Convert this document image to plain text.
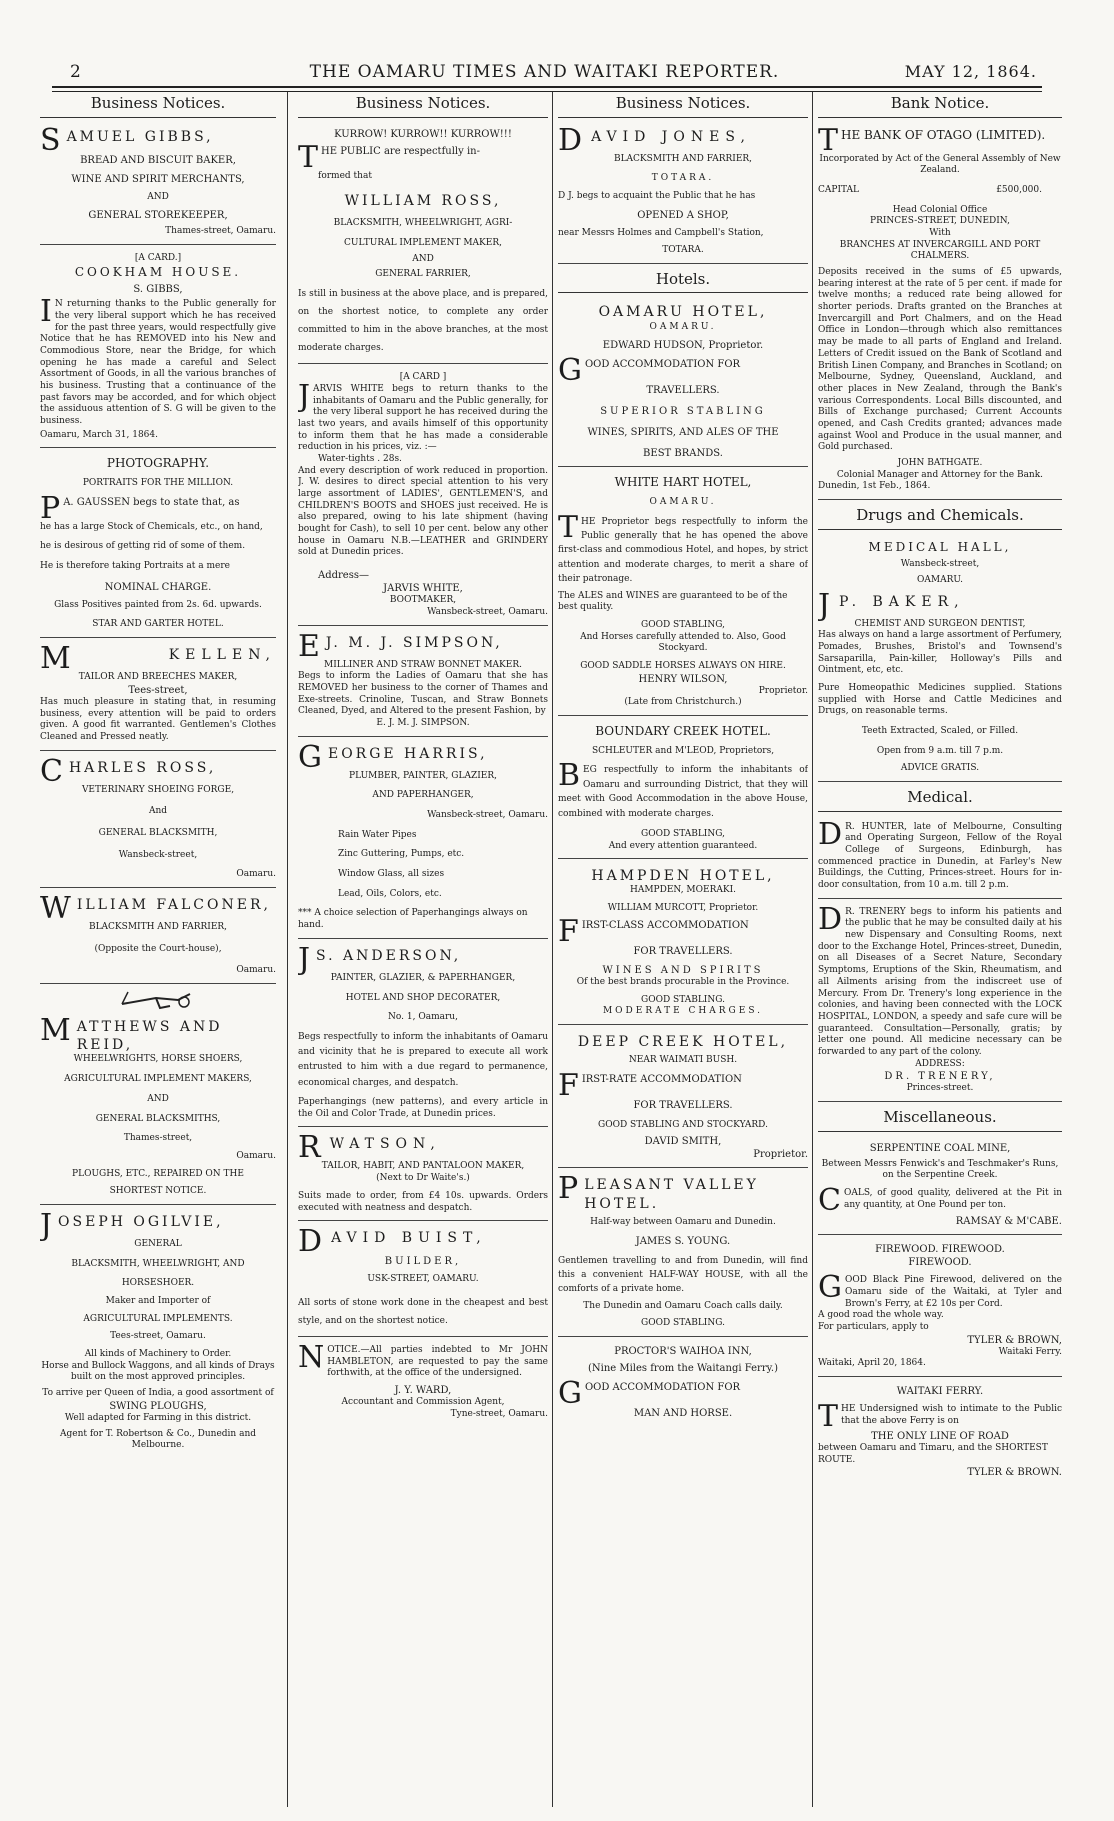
2	THE OAMARU TIMES AND WAITAKI REPORTER.	MAY 12, 1864.
Business Notices.
SAMUEL GIBBS,
BREAD AND BISCUIT BAKER,
WINE AND SPIRIT MERCHANTS,
AND
GENERAL STOREKEEPER,
Thames-street, Oamaru.
[A CARD.]
COOKHAM HOUSE.
S. GIBBS,
I N returning thanks to the Public generally for the very liberal support which he has received for the past three years, would respectfully give Notice that he has REMOVED into his New and Commodious Store, near the Bridge, for which opening he has made a careful and Select Assortment of Goods, in all the various branches of his business. Trusting that a continuance of the past favors may be accorded, and for which object the assiduous attention of S. G will be given to the business.
Oamaru, March 31, 1864.
PHOTOGRAPHY.
PORTRAITS FOR THE MILLION.
P A. GAUSSEN begs to state that, as
he has a large Stock of Chemicals, etc., on hand,
he is desirous of getting rid of some of them.
He is therefore taking Portraits at a mere
NOMINAL CHARGE.
Glass Positives painted from 2s. 6d. upwards.
STAR AND GARTER HOTEL.
M	KELLEN,
TAILOR AND BREECHES MAKER,
Tees-street,
Has much pleasure in stating that, in resuming business, every attention will be paid to orders given. A good fit warranted. Gentlemen's Clothes Cleaned and Pressed neatly.
CHARLES ROSS,
VETERINARY SHOEING FORGE,
And
GENERAL BLACKSMITH,
Wansbeck-street,
Oamaru.
WILLIAM FALCONER,
BLACKSMITH AND FARRIER,
(Opposite the Court-house),
Oamaru.
MATTHEWS AND REID,
WHEELWRIGHTS, HORSE SHOERS,
AGRICULTURAL IMPLEMENT MAKERS,
AND
GENERAL BLACKSMITHS,
Thames-street,
Oamaru.
PLOUGHS, ETC., REPAIRED ON THE
SHORTEST NOTICE.
JOSEPH OGILVIE,
GENERAL
BLACKSMITH, WHEELWRIGHT, AND
HORSESHOER.
Maker and Importer of
AGRICULTURAL IMPLEMENTS.
Tees-street, Oamaru.
All kinds of Machinery to Order.
Horse and Bullock Waggons, and all kinds of Drays built on the most approved principles.
To arrive per Queen of India, a good assortment of
SWING PLOUGHS,
Well adapted for Farming in this district.
Agent for T. Robertson & Co., Dunedin and Melbourne.
Business Notices.
KURROW! KURROW!! KURROW!!!
THE PUBLIC are respectfully in-
formed that
WILLIAM ROSS,
BLACKSMITH, WHEELWRIGHT, AGRI-
CULTURAL IMPLEMENT MAKER,
AND
GENERAL FARRIER,
Is still in business at the above place, and is prepared, on the shortest notice, to complete any order committed to him in the above branches, at the most moderate charges.
[A CARD ]
JARVIS WHITE begs to return thanks to the inhabitants of Oamaru and the Public generally, for the very liberal support he has received during the last two years, and avails himself of this opportunity to inform them that he has made a considerable reduction in his prices, viz. :—
Water-tights . 28s.
And every description of work reduced in proportion. J. W. desires to direct special attention to his very large assortment of LADIES', GENTLEMEN'S, and CHILDREN'S BOOTS and SHOES just received. He is also prepared, owing to his late shipment (having bought for Cash), to sell 10 per cent. below any other house in Oamaru N.B.—LEATHER and GRINDERY sold at Dunedin prices.
Address—
JARVIS WHITE,
BOOTMAKER,
Wansbeck-street, Oamaru.
E J. M. J. SIMPSON,
MILLINER AND STRAW BONNET MAKER.
Begs to inform the Ladies of Oamaru that she has REMOVED her business to the corner of Thames and Exe-streets. Crinoline, Tuscan, and Straw Bonnets Cleaned, Dyed, and Altered to the present Fashion, by
E. J. M. J. SIMPSON.
GEORGE HARRIS,
PLUMBER, PAINTER, GLAZIER,
AND PAPERHANGER,
Wansbeck-street, Oamaru.
Rain Water Pipes
Zinc Guttering, Pumps, etc.
Window Glass, all sizes
Lead, Oils, Colors, etc.
*** A choice selection of Paperhangings always on hand.
J S. ANDERSON,
PAINTER, GLAZIER, & PAPERHANGER,
HOTEL AND SHOP DECORATER,
No. 1, Oamaru,
Begs respectfully to inform the inhabitants of Oamaru and vicinity that he is prepared to execute all work entrusted to him with a due regard to permanence, economical charges, and despatch.
Paperhangings (new patterns), and every article in the Oil and Color Trade, at Dunedin prices.
RWATSON,
TAILOR, HABIT, AND PANTALOON MAKER,
(Next to Dr Waite's.)
Suits made to order, from £4 10s. upwards. Orders executed with neatness and despatch.
DAVID BUIST,
BUILDER,
USK-STREET, OAMARU.
All sorts of stone work done in the cheapest and best style, and on the shortest notice.
NOTICE.—All parties indebted to Mr JOHN HAMBLETON, are requested to pay the same forthwith, at the office of the undersigned.
J. Y. WARD,
Accountant and Commission Agent,
Tyne-street, Oamaru.
Business Notices.
DAVID JONES,
BLACKSMITH AND FARRIER,
TOTARA.
D J. begs to acquaint the Public that he has
OPENED A SHOP,
near Messrs Holmes and Campbell's Station,
TOTARA.
Hotels.
OAMARU HOTEL,
OAMARU.
EDWARD HUDSON, Proprietor.
GOOD ACCOMMODATION FOR
TRAVELLERS.
SUPERIOR STABLING
WINES, SPIRITS, AND ALES OF THE
BEST BRANDS.
WHITE HART HOTEL,
OAMARU.
THE Proprietor begs respectfully to inform the Public generally that he has opened the above first-class and commodious Hotel, and hopes, by strict attention and moderate charges, to merit a share of their patronage.
The ALES and WINES are guaranteed to be of the best quality.
GOOD STABLING,
And Horses carefully attended to. Also, Good Stockyard.
GOOD SADDLE HORSES ALWAYS ON HIRE.
HENRY WILSON,
Proprietor.
(Late from Christchurch.)
BOUNDARY CREEK HOTEL.
SCHLEUTER and M'LEOD, Proprietors,
BEG respectfully to inform the inhabitants of Oamaru and surrounding District, that they will meet with Good Accommodation in the above House, combined with moderate charges.
GOOD STABLING,
And every attention guaranteed.
HAMPDEN HOTEL,
HAMPDEN, MOERAKI.
WILLIAM MURCOTT, Proprietor.
FIRST-CLASS ACCOMMODATION
FOR TRAVELLERS.
WINES AND SPIRITS
Of the best brands procurable in the Province.
GOOD STABLING.
MODERATE CHARGES.
DEEP CREEK HOTEL,
NEAR WAIMATI BUSH.
FIRST-RATE ACCOMMODATION
FOR TRAVELLERS.
GOOD STABLING AND STOCKYARD.
DAVID SMITH,
Proprietor.
PLEASANT VALLEY HOTEL.
Half-way between Oamaru and Dunedin.
JAMES S. YOUNG.
Gentlemen travelling to and from Dunedin, will find this a convenient HALF-WAY HOUSE, with all the comforts of a private home.
The Dunedin and Oamaru Coach calls daily.
GOOD STABLING.
PROCTOR'S WAIHOA INN,
(Nine Miles from the Waitangi Ferry.)
GOOD ACCOMMODATION FOR
MAN AND HORSE.
Bank Notice.
THE BANK OF OTAGO (LIMITED).
Incorporated by Act of the General Assembly of New Zealand.
CAPITAL	£500,000.
Head Colonial Office
PRINCES-STREET, DUNEDIN,
With
BRANCHES AT INVERCARGILL AND PORT CHALMERS.
Deposits received in the sums of £5 upwards, bearing interest at the rate of 5 per cent. if made for twelve months; a reduced rate being allowed for shorter periods. Drafts granted on the Branches at Invercargill and Port Chalmers, and on the Head Office in London—through which also remittances may be made to all parts of England and Ireland. Letters of Credit issued on the Bank of Scotland and British Linen Company, and Branches in Scotland; on Melbourne, Sydney, Queensland, Auckland, and other places in New Zealand, through the Bank's various Correspondents. Local Bills discounted, and Bills of Exchange purchased; Current Accounts opened, and Cash Credits granted; advances made against Wool and Produce in the usual manner, and Gold purchased.
JOHN BATHGATE.
Colonial Manager and Attorney for the Bank.
Dunedin, 1st Feb., 1864.
Drugs and Chemicals.
MEDICAL HALL,
Wansbeck-street,
OAMARU.
J P. BAKER,
CHEMIST AND SURGEON DENTIST,
Has always on hand a large assortment of Perfumery, Pomades, Brushes, Bristol's and Townsend's Sarsaparilla, Pain-killer, Holloway's Pills and Ointment, etc, etc.
Pure Homeopathic Medicines supplied. Stations supplied with Horse and Cattle Medicines and Drugs, on reasonable terms.
Teeth Extracted, Scaled, or Filled.
Open from 9 a.m. till 7 p.m.
ADVICE GRATIS.
Medical.
D R. HUNTER, late of Melbourne, Consulting and Operating Surgeon, Fellow of the Royal College of Surgeons, Edinburgh, has commenced practice in Dunedin, at Farley's New Buildings, the Cutting, Princes-street. Hours for in-door consultation, from 10 a.m. till 2 p.m.
D R. TRENERY begs to inform his patients and the public that he may be consulted daily at his new Dispensary and Consulting Rooms, next door to the Exchange Hotel, Princes-street, Dunedin, on all Diseases of a Secret Nature, Secondary Symptoms, Eruptions of the Skin, Rheumatism, and all Ailments arising from the indiscreet use of Mercury. From Dr. Trenery's long experience in the colonies, and having been connected with the LOCK HOSPITAL, LONDON, a speedy and safe cure will be guaranteed. Consultation—Personally, gratis; by letter one pound. All medicine necessary can be forwarded to any part of the colony.
ADDRESS:
DR. TRENERY,
Princes-street.
Miscellaneous.
SERPENTINE COAL MINE,
Between Messrs Fenwick's and Teschmaker's Runs, on the Serpentine Creek.
COALS, of good quality, delivered at the Pit in any quantity, at One Pound per ton.
RAMSAY & M'CABE.
FIREWOOD. FIREWOOD.
FIREWOOD.
GOOD Black Pine Firewood, delivered on the Oamaru side of the Waitaki, at Tyler and Brown's Ferry, at £2 10s per Cord.
A good road the whole way.
For particulars, apply to
TYLER & BROWN,
Waitaki Ferry.
Waitaki, April 20, 1864.
WAITAKI FERRY.
THE Undersigned wish to intimate to the Public that the above Ferry is on
THE ONLY LINE OF ROAD
between Oamaru and Timaru, and the SHORTEST ROUTE.
TYLER & BROWN.
